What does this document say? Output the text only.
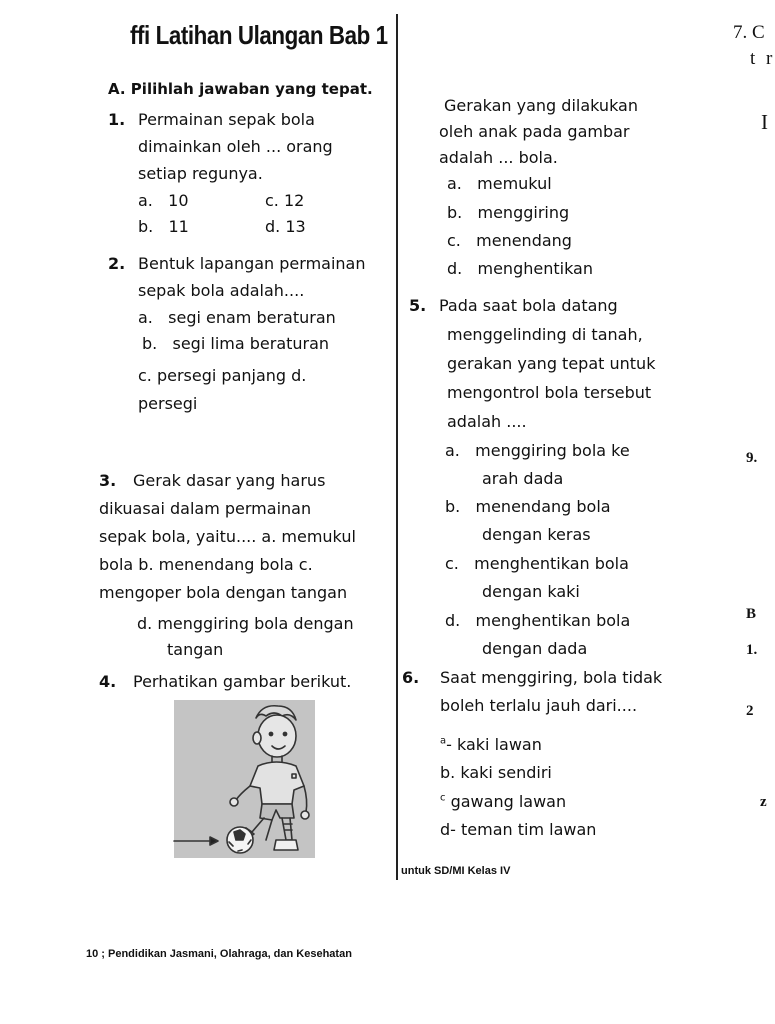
ffi Latihan Ulangan Bab 1
A. Pilihlah jawaban yang tepat.
1. Permainan sepak bola
dimainkan oleh ... orang
setiap regunya.
a.   10	c. 12
b.   11	d. 13
2. Bentuk lapangan permainan
sepak bola adalah....
a.   segi enam beraturan
b.   segi lima beraturan
c. persegi panjang d.
persegi
3. Gerak dasar yang harus
dikuasai dalam permainan
sepak bola, yaitu.... a. memukul
bola b. menendang bola c.
mengoper bola dengan tangan
d. menggiring bola dengan
tangan
4. Perhatikan gambar berikut.
Gerakan yang dilakukan
oleh anak pada gambar
adalah ... bola.
a.   memukul
b.   menggiring
c.   menendang
d.   menghentikan
5. Pada saat bola datang
menggelinding di tanah,
gerakan yang tepat untuk
mengontrol bola tersebut
adalah ....
a.   menggiring bola ke
arah dada
b.   menendang bola
dengan keras
c.   menghentikan bola
dengan kaki
d.   menghentikan bola
dengan dada
6. Saat menggiring, bola tidak
boleh terlalu jauh dari....
$^a$- kaki lawan
b. kaki sendiri
$^c$ gawang lawan
d- teman tim lawan
7. C
t r
I
9.
B
1.
2
z
untuk SD/MI Kelas IV
10 ; Pendidikan Jasmani, Olahraga, dan Kesehatan
